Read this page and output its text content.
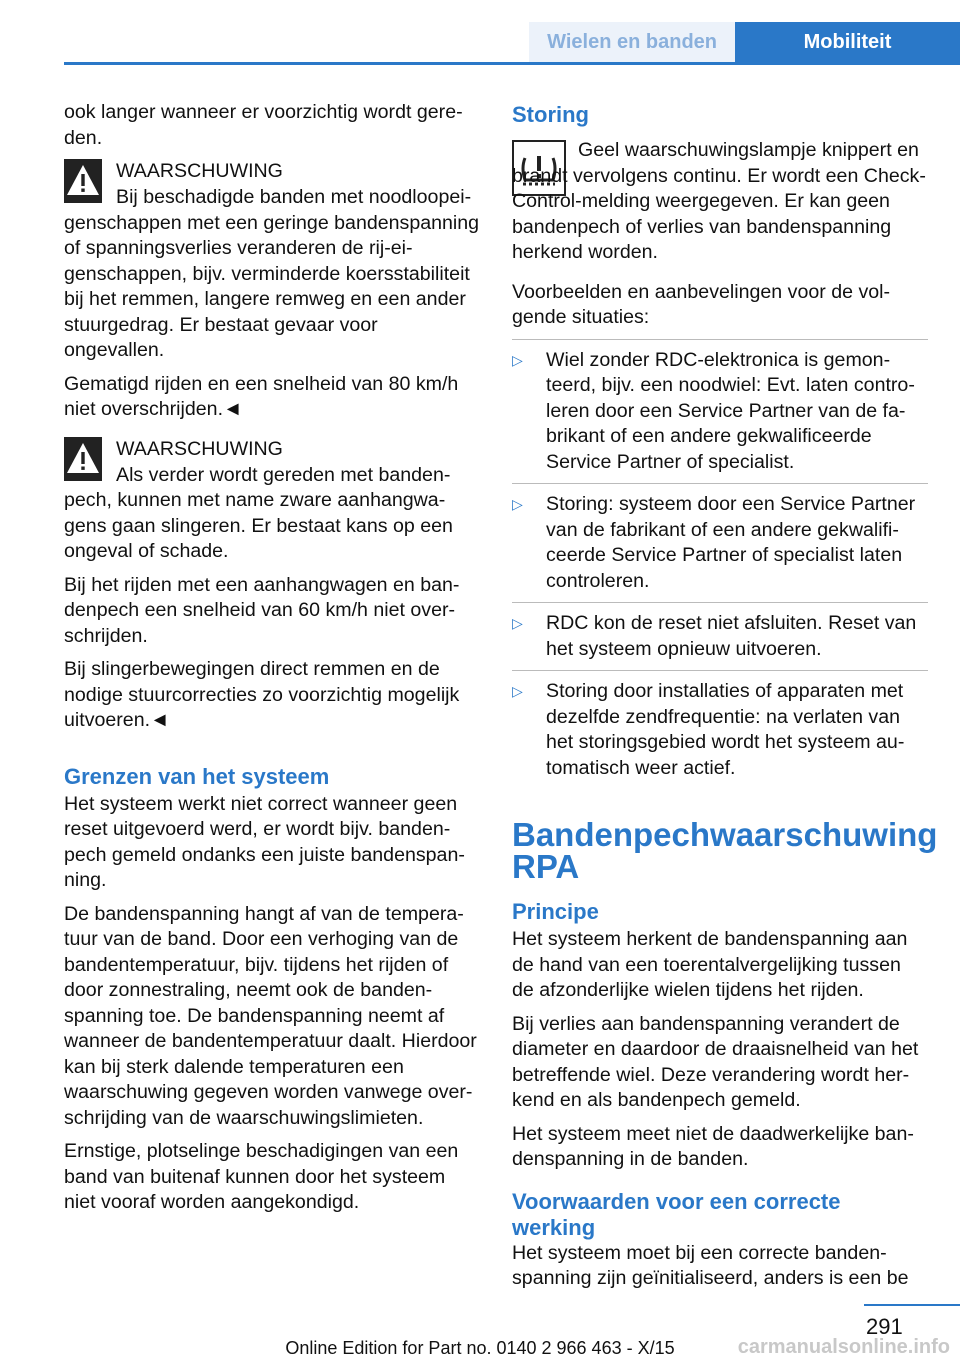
Wielen en banden	Mobiliteit

ook langer wanneer er voorzichtig wordt gereden.

WAARSCHUWING

Bij beschadigde banden met noodloopeigenschappen met een geringe bandenspanning of spanningsverlies veranderen de rij-eigenschappen, bijv. verminderde koersstabiliteit bij het remmen, langere remweg en een ander stuurgedrag. Er bestaat gevaar voor ongevallen.

Gematigd rijden en een snelheid van 80 km/h niet overschrijden.◄

WAARSCHUWING

Als verder wordt gereden met bandenpech, kunnen met name zware aanhangwagens gaan slingeren. Er bestaat kans op een ongeval of schade.

Bij het rijden met een aanhangwagen en bandenpech een snelheid van 60 km/h niet overschrijden.

Bij slingerbewegingen direct remmen en de nodige stuurcorrecties zo voorzichtig mogelijk uitvoeren.◄

Grenzen van het systeem

Het systeem werkt niet correct wanneer geen reset uitgevoerd werd, er wordt bijv. bandenpech gemeld ondanks een juiste bandenspanning.

De bandenspanning hangt af van de temperatuur van de band. Door een verhoging van de bandentemperatuur, bijv. tijdens het rijden of door zonnestraling, neemt ook de bandenspanning toe. De bandenspanning neemt af wanneer de bandentemperatuur daalt. Hierdoor kan bij sterk dalende temperaturen een waarschuwing gegeven worden vanwege overschrijding van de waarschuwingslimieten.

Ernstige, plotselinge beschadigingen van een band van buitenaf kunnen door het systeem niet vooraf worden aangekondigd.

Storing

Geel waarschuwingslampje knippert en brandt vervolgens continu. Er wordt een Check-Control-melding weergegeven. Er kan geen bandenpech of verlies van bandenspanning herkend worden.

Voorbeelden en aanbevelingen voor de volgende situaties:

▷	Wiel zonder RDC-elektronica is gemonteerd, bijv. een noodwiel: Evt. laten controleren door een Service Partner van de fabrikant of een andere gekwalificeerde Service Partner of specialist.
▷	Storing: systeem door een Service Partner van de fabrikant of een andere gekwalificeerde Service Partner of specialist laten controleren.
▷	RDC kon de reset niet afsluiten. Reset van het systeem opnieuw uitvoeren.
▷	Storing door installaties of apparaten met dezelfde zendfrequentie: na verlaten van het storingsgebied wordt het systeem automatisch weer actief.
Bandenpechwaarschuwing RPA
Principe

Het systeem herkent de bandenspanning aan de hand van een toerentalvergelijking tussen de afzonderlijke wielen tijdens het rijden.

Bij verlies aan bandenspanning verandert de diameter en daardoor de draaisnelheid van het betreffende wiel. Deze verandering wordt herkend en als bandenpech gemeld.

Het systeem meet niet de daadwerkelijke bandenspanning in de banden.

Voorwaarden voor een correcte werking

Het systeem moet bij een correcte bandenspanning zijn geïnitialiseerd, anders is een be

291
Online Edition for Part no. 0140 2 966 463 - X/15	carmanualsonline.info
